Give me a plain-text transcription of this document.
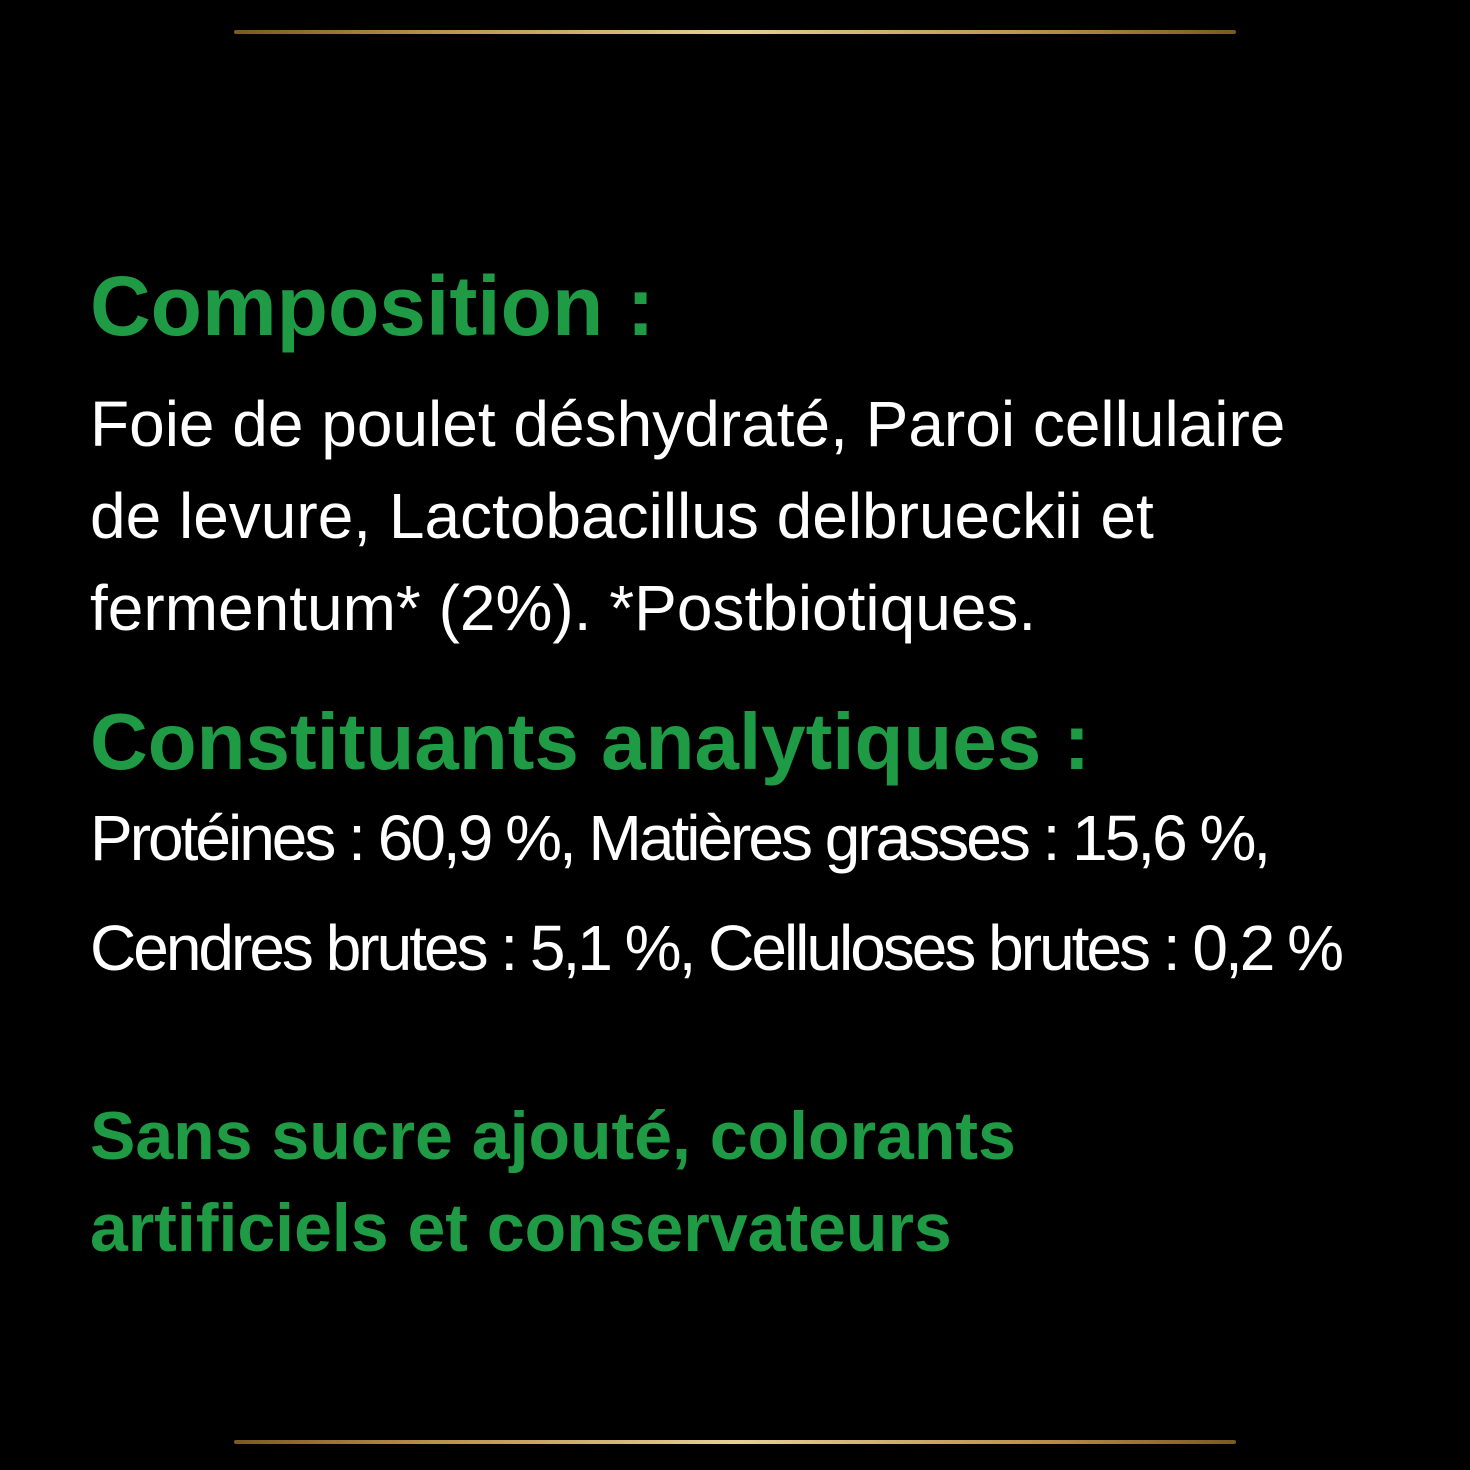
Composition :

Foie de poulet déshydraté, Paroi cellulaire
de levure, Lactobacillus delbrueckii et
fermentum* (2%). *Postbiotiques.

Constituants analytiques :

Protéines : 60,9 %, Matières grasses : 15,6 %,

Cendres brutes : 5,1 %, Celluloses brutes : 0,2 %

Sans sucre ajouté, colorants
artificiels et conservateurs
